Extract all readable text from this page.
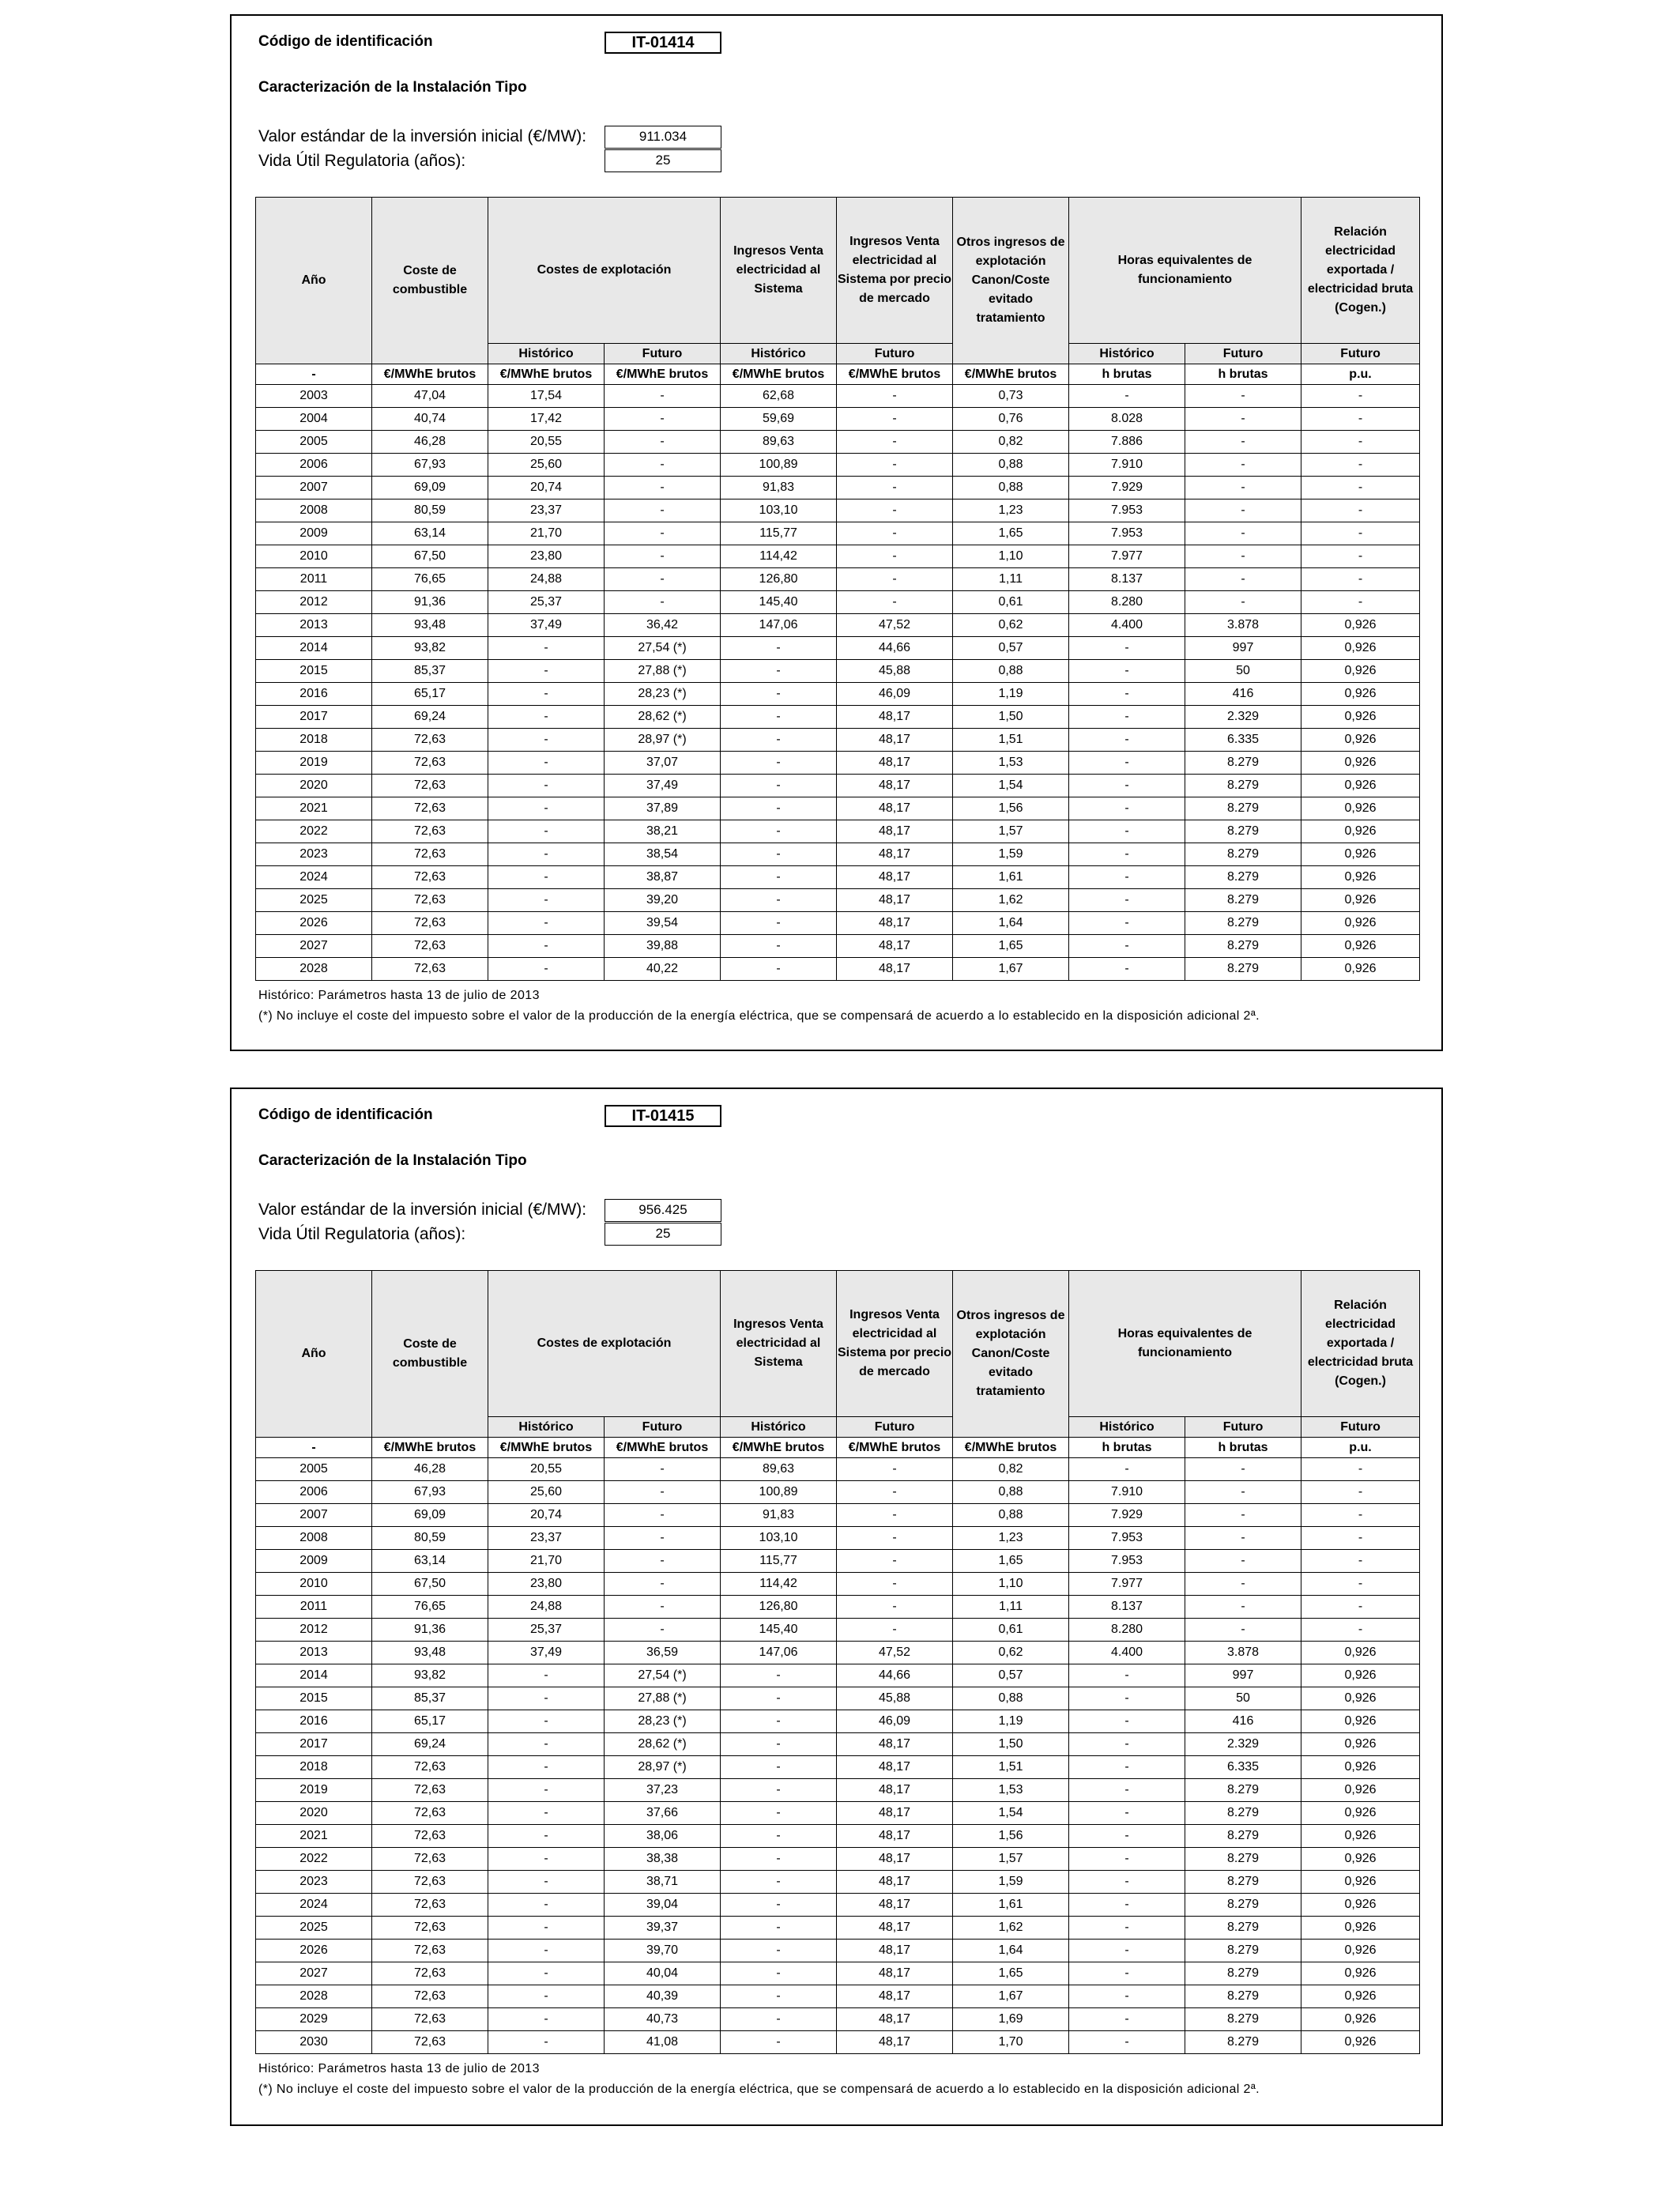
Código de identificación	IT-01414
Caracterización de la Instalación Tipo
Valor estándar de la inversión inicial (€/MW):	911.034
Vida Útil Regulatoria (años):	25
Año	Coste de combustible	Costes de explotación		Ingresos Venta electricidad al Sistema	Ingresos Venta electricidad al Sistema por precio de mercado	Otros ingresos de explotación Canon/Coste evitado tratamiento	Horas equivalentes de funcionamiento		Relación electricidad exportada / electricidad bruta (Cogen.)
		Histórico	Futuro	Histórico	Futuro		Histórico	Futuro	Futuro
-	€/MWhE brutos	€/MWhE brutos	€/MWhE brutos	€/MWhE brutos	€/MWhE brutos	€/MWhE brutos	h brutas	h brutas	p.u.
2003	47,04	17,54	-	62,68	-	0,73	-	-	-
2004	40,74	17,42	-	59,69	-	0,76	8.028	-	-
2005	46,28	20,55	-	89,63	-	0,82	7.886	-	-
2006	67,93	25,60	-	100,89	-	0,88	7.910	-	-
2007	69,09	20,74	-	91,83	-	0,88	7.929	-	-
2008	80,59	23,37	-	103,10	-	1,23	7.953	-	-
2009	63,14	21,70	-	115,77	-	1,65	7.953	-	-
2010	67,50	23,80	-	114,42	-	1,10	7.977	-	-
2011	76,65	24,88	-	126,80	-	1,11	8.137	-	-
2012	91,36	25,37	-	145,40	-	0,61	8.280	-	-
2013	93,48	37,49	36,42	147,06	47,52	0,62	4.400	3.878	0,926
2014	93,82	-	27,54 (*)	-	44,66	0,57	-	997	0,926
2015	85,37	-	27,88 (*)	-	45,88	0,88	-	50	0,926
2016	65,17	-	28,23 (*)	-	46,09	1,19	-	416	0,926
2017	69,24	-	28,62 (*)	-	48,17	1,50	-	2.329	0,926
2018	72,63	-	28,97 (*)	-	48,17	1,51	-	6.335	0,926
2019	72,63	-	37,07	-	48,17	1,53	-	8.279	0,926
2020	72,63	-	37,49	-	48,17	1,54	-	8.279	0,926
2021	72,63	-	37,89	-	48,17	1,56	-	8.279	0,926
2022	72,63	-	38,21	-	48,17	1,57	-	8.279	0,926
2023	72,63	-	38,54	-	48,17	1,59	-	8.279	0,926
2024	72,63	-	38,87	-	48,17	1,61	-	8.279	0,926
2025	72,63	-	39,20	-	48,17	1,62	-	8.279	0,926
2026	72,63	-	39,54	-	48,17	1,64	-	8.279	0,926
2027	72,63	-	39,88	-	48,17	1,65	-	8.279	0,926
2028	72,63	-	40,22	-	48,17	1,67	-	8.279	0,926
Histórico: Parámetros hasta 13 de julio de 2013
(*) No incluye el coste del impuesto sobre el valor de la producción de la energía eléctrica, que se compensará de acuerdo a lo establecido en la disposición adicional 2ª.
Código de identificación	IT-01415
Caracterización de la Instalación Tipo
Valor estándar de la inversión inicial (€/MW):	956.425
Vida Útil Regulatoria (años):	25
Año	Coste de combustible	Costes de explotación		Ingresos Venta electricidad al Sistema	Ingresos Venta electricidad al Sistema por precio de mercado	Otros ingresos de explotación Canon/Coste evitado tratamiento	Horas equivalentes de funcionamiento		Relación electricidad exportada / electricidad bruta (Cogen.)
		Histórico	Futuro	Histórico	Futuro		Histórico	Futuro	Futuro
-	€/MWhE brutos	€/MWhE brutos	€/MWhE brutos	€/MWhE brutos	€/MWhE brutos	€/MWhE brutos	h brutas	h brutas	p.u.
2005	46,28	20,55	-	89,63	-	0,82	-	-	-
2006	67,93	25,60	-	100,89	-	0,88	7.910	-	-
2007	69,09	20,74	-	91,83	-	0,88	7.929	-	-
2008	80,59	23,37	-	103,10	-	1,23	7.953	-	-
2009	63,14	21,70	-	115,77	-	1,65	7.953	-	-
2010	67,50	23,80	-	114,42	-	1,10	7.977	-	-
2011	76,65	24,88	-	126,80	-	1,11	8.137	-	-
2012	91,36	25,37	-	145,40	-	0,61	8.280	-	-
2013	93,48	37,49	36,59	147,06	47,52	0,62	4.400	3.878	0,926
2014	93,82	-	27,54 (*)	-	44,66	0,57	-	997	0,926
2015	85,37	-	27,88 (*)	-	45,88	0,88	-	50	0,926
2016	65,17	-	28,23 (*)	-	46,09	1,19	-	416	0,926
2017	69,24	-	28,62 (*)	-	48,17	1,50	-	2.329	0,926
2018	72,63	-	28,97 (*)	-	48,17	1,51	-	6.335	0,926
2019	72,63	-	37,23	-	48,17	1,53	-	8.279	0,926
2020	72,63	-	37,66	-	48,17	1,54	-	8.279	0,926
2021	72,63	-	38,06	-	48,17	1,56	-	8.279	0,926
2022	72,63	-	38,38	-	48,17	1,57	-	8.279	0,926
2023	72,63	-	38,71	-	48,17	1,59	-	8.279	0,926
2024	72,63	-	39,04	-	48,17	1,61	-	8.279	0,926
2025	72,63	-	39,37	-	48,17	1,62	-	8.279	0,926
2026	72,63	-	39,70	-	48,17	1,64	-	8.279	0,926
2027	72,63	-	40,04	-	48,17	1,65	-	8.279	0,926
2028	72,63	-	40,39	-	48,17	1,67	-	8.279	0,926
2029	72,63	-	40,73	-	48,17	1,69	-	8.279	0,926
2030	72,63	-	41,08	-	48,17	1,70	-	8.279	0,926
Histórico: Parámetros hasta 13 de julio de 2013
(*) No incluye el coste del impuesto sobre el valor de la producción de la energía eléctrica, que se compensará de acuerdo a lo establecido en la disposición adicional 2ª.
